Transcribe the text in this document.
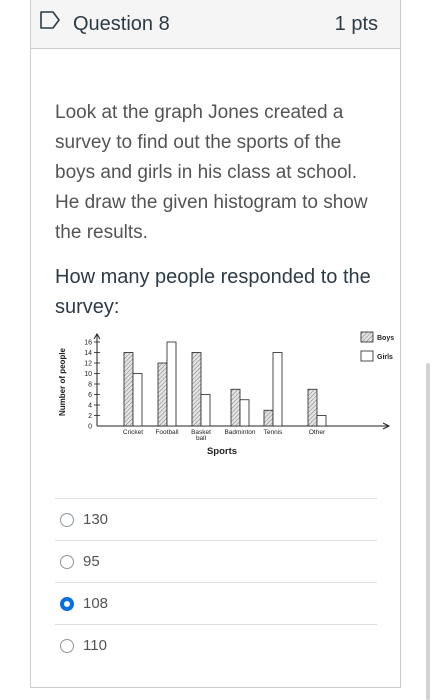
Question 8	1 pts
Look at the graph Jones created a survey to find out the sports of the boys and girls in his class at school. He draw the given histogram to show the results.
How many people responded to the survey:
0
2
4
6
8
10
12
14
16
Number of people
Cricket Football Basket
ball
Badminton Tennis	Other
Sports
Boys
Girls
130
95
108
110
